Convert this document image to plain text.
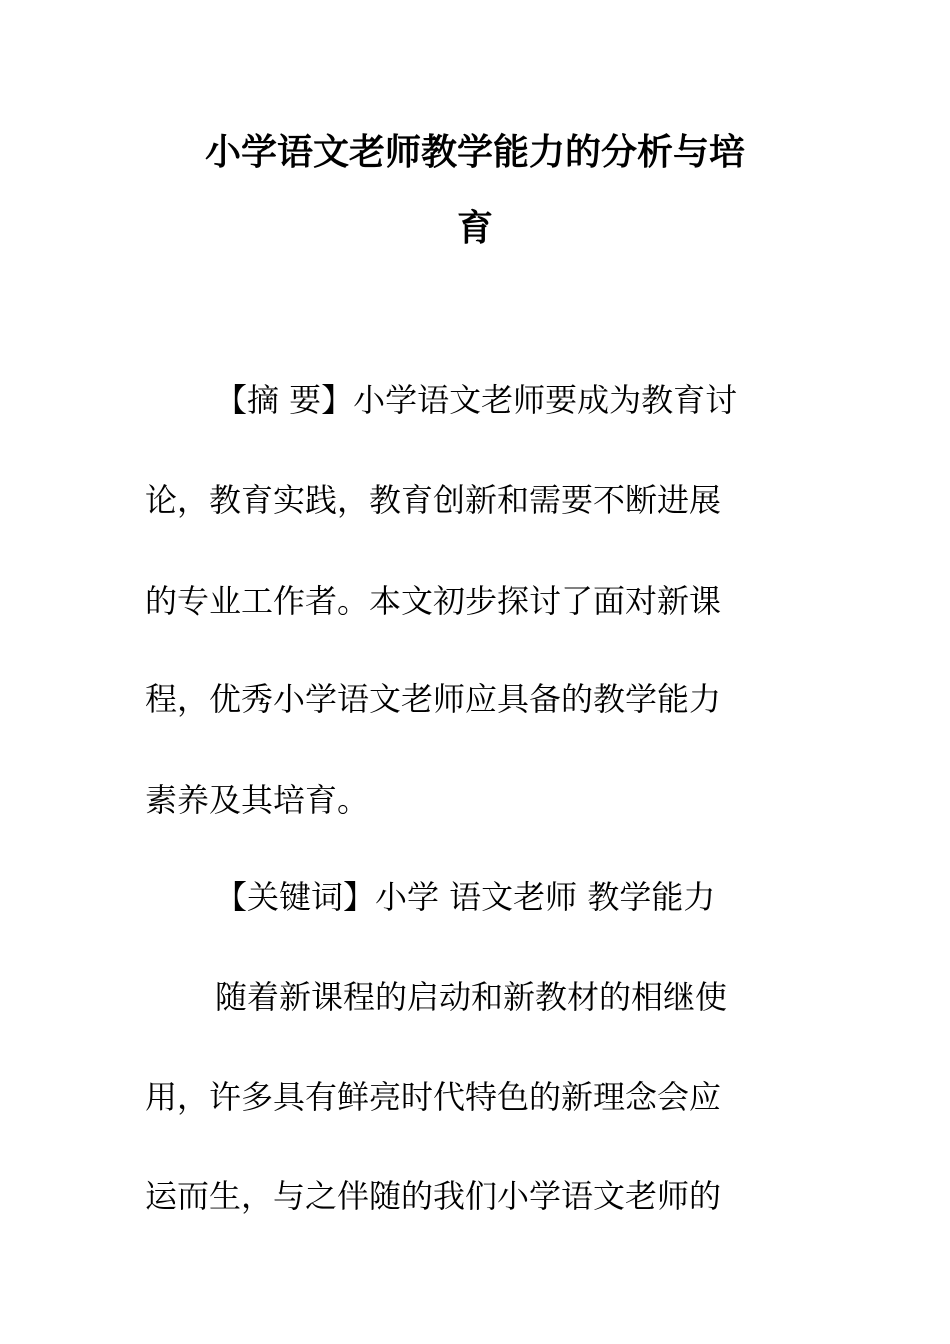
小学语文老师教学能力的分析与培
育
【摘 要】小学语文老师要成为教育讨
论，教育实践，教育创新和需要不断进展
的专业工作者。本文初步探讨了面对新课
程，优秀小学语文老师应具备的教学能力
素养及其培育。
【关键词】小学 语文老师 教学能力
随着新课程的启动和新教材的相继使
用，许多具有鲜亮时代特色的新理念会应
运而生，与之伴随的我们小学语文老师的
